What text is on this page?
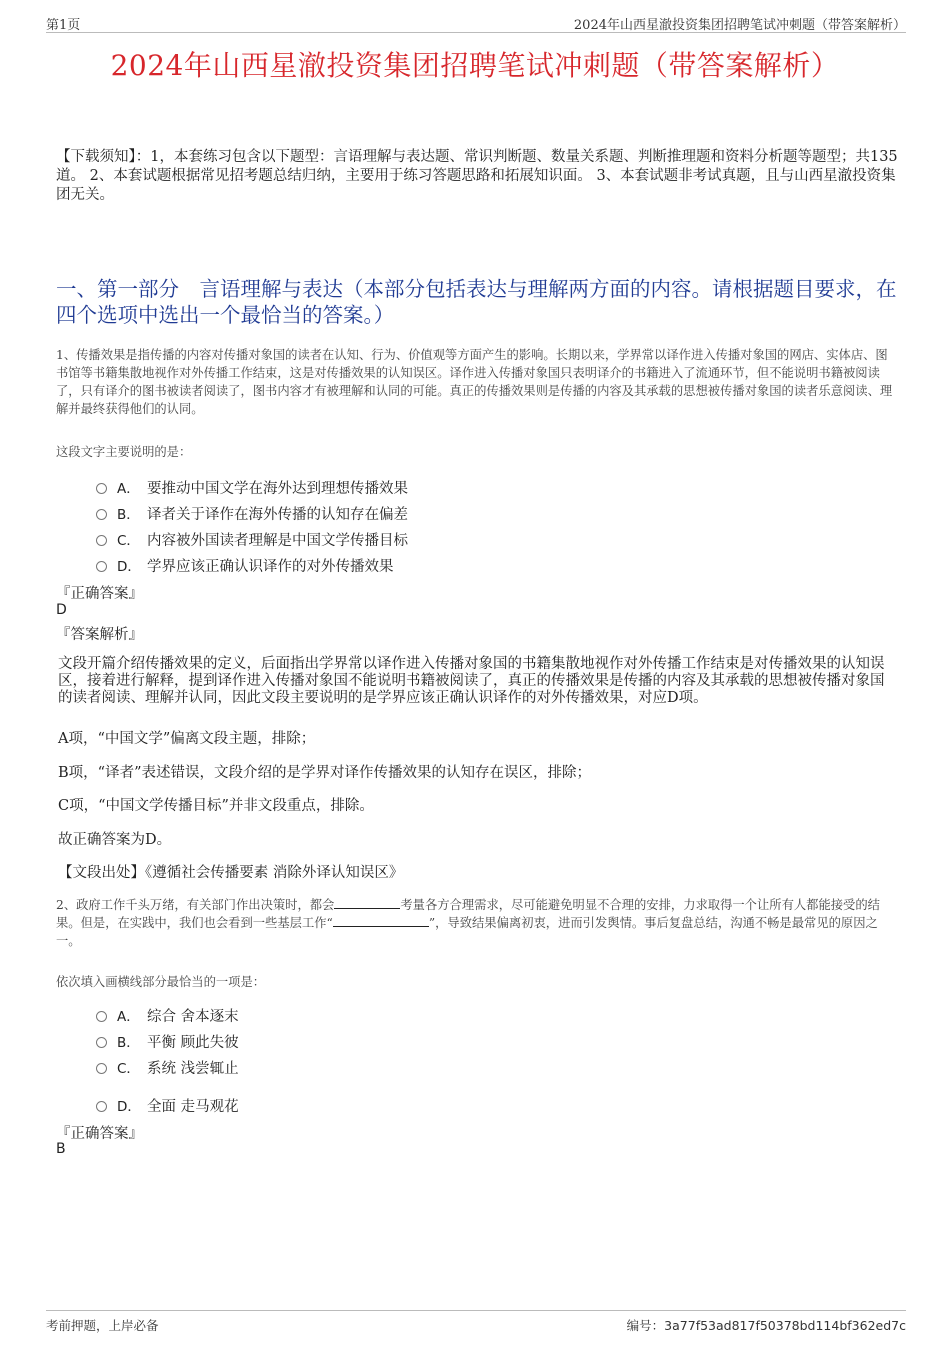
第1页	2024年山西星澈投资集团招聘笔试冲刺题（带答案解析）
2024年山西星澈投资集团招聘笔试冲刺题（带答案解析）
【下载须知】：1，本套练习包含以下题型：言语理解与表达题、常识判断题、数量关系题、判断推理题和资料分析题等题型；共135道。 2、本套试题根据常见招考题总结归纳，主要用于练习答题思路和拓展知识面。 3、本套试题非考试真题，且与山西星澈投资集团无关。
一、第一部分　言语理解与表达（本部分包括表达与理解两方面的内容。请根据题目要求，在四个选项中选出一个最恰当的答案。）
1、传播效果是指传播的内容对传播对象国的读者在认知、行为、价值观等方面产生的影响。长期以来，学界常以译作进入传播对象国的网店、实体店、图书馆等书籍集散地视作对外传播工作结束，这是对传播效果的认知误区。译作进入传播对象国只表明译介的书籍进入了流通环节，但不能说明书籍被阅读了，只有译介的图书被读者阅读了，图书内容才有被理解和认同的可能。真正的传播效果则是传播的内容及其承载的思想被传播对象国的读者乐意阅读、理解并最终获得他们的认同。
这段文字主要说明的是：
A． 要推动中国文学在海外达到理想传播效果
B． 译者关于译作在海外传播的认知存在偏差
C． 内容被外国读者理解是中国文学传播目标
D． 学界应该正确认识译作的对外传播效果
『正确答案』
D
『答案解析』
文段开篇介绍传播效果的定义，后面指出学界常以译作进入传播对象国的书籍集散地视作对外传播工作结束是对传播效果的认知误区，接着进行解释，提到译作进入传播对象国不能说明书籍被阅读了，真正的传播效果是传播的内容及其承载的思想被传播对象国的读者阅读、理解并认同，因此文段主要说明的是学界应该正确认识译作的对外传播效果，对应D项。
A项，“中国文学”偏离文段主题，排除；
B项，“译者”表述错误，文段介绍的是学界对译作传播效果的认知存在误区，排除；
C项，“中国文学传播目标”并非文段重点，排除。
故正确答案为D。
【文段出处】《遵循社会传播要素 消除外译认知误区》
2、政府工作千头万绪，有关部门作出决策时，都会	考量各方合理需求，尽可能避免明显不合理的安排，力求取得一个让所有人都能接受的结果。但是，在实践中，我们也会看到一些基层工作“	”，导致结果偏离初衷，进而引发舆情。事后复盘总结，沟通不畅是最常见的原因之一。
依次填入画横线部分最恰当的一项是：
A． 综合 舍本逐末
B． 平衡 顾此失彼
C． 系统 浅尝辄止
D． 全面 走马观花
『正确答案』
B
考前押题，上岸必备	编号：3a77f53ad817f50378bd114bf362ed7c
